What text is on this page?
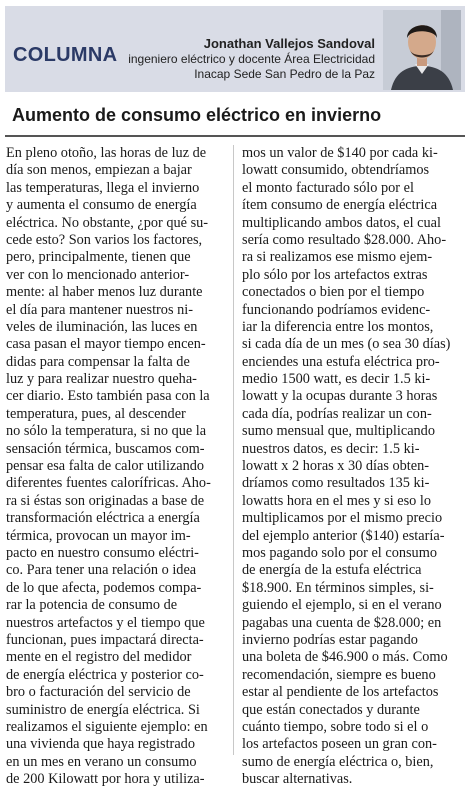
COLUMNA
Jonathan Vallejos Sandoval
ingeniero eléctrico y docente Área Electricidad
Inacap Sede San Pedro de la Paz
Aumento de consumo eléctrico en invierno
En pleno otoño, las horas de luz de
día son menos, empiezan a bajar
las temperaturas, llega el invierno
y aumenta el consumo de energía
eléctrica. No obstante, ¿por qué su-
cede esto? Son varios los factores,
pero, principalmente, tienen que
ver con lo mencionado anterior-
mente: al haber menos luz durante
el día para mantener nuestros ni-
veles de iluminación, las luces en
casa pasan el mayor tiempo encen-
didas para compensar la falta de
luz y para realizar nuestro queha-
cer diario. Esto también pasa con la
temperatura, pues, al descender
no sólo la temperatura, si no que la
sensación térmica, buscamos com-
pensar esa falta de calor utilizando
diferentes fuentes calorífricas. Aho-
ra si éstas son originadas a base de
transformación eléctrica a energía
térmica, provocan un mayor im-
pacto en nuestro consumo eléctri-
co. Para tener una relación o idea
de lo que afecta, podemos compa-
rar la potencia de consumo de
nuestros artefactos y el tiempo que
funcionan, pues impactará directa-
mente en el registro del medidor
de energía eléctrica y posterior co-
bro o facturación del servicio de
suministro de energía eléctrica. Si
realizamos el siguiente ejemplo: en
una vivienda que haya registrado
en un mes en verano un consumo
de 200 Kilowatt por hora y utiliza-
mos un valor de $140 por cada ki-
lowatt consumido, obtendríamos
el monto facturado sólo por el
ítem consumo de energía eléctrica
multiplicando ambos datos, el cual
sería como resultado $28.000. Aho-
ra si realizamos ese mismo ejem-
plo sólo por los artefactos extras
conectados o bien por el tiempo
funcionando podríamos evidenc-
iar la diferencia entre los montos,
si cada día de un mes (o sea 30 días)
enciendes una estufa eléctrica pro-
medio 1500 watt, es decir 1.5 ki-
lowatt y la ocupas durante 3 horas
cada día, podrías realizar un con-
sumo mensual que, multiplicando
nuestros datos, es decir: 1.5 ki-
lowatt x 2 horas x 30 días obten-
dríamos como resultados 135 ki-
lowatts hora en el mes y si eso lo
multiplicamos por el mismo precio
del ejemplo anterior ($140) estaría-
mos pagando solo por el consumo
de energía de la estufa eléctrica
$18.900. En términos simples, si-
guiendo el ejemplo, si en el verano
pagabas una cuenta de $28.000; en
invierno podrías estar pagando
una boleta de $46.900 o más. Como
recomendación, siempre es bueno
estar al pendiente de los artefactos
que están conectados y durante
cuánto tiempo, sobre todo si el o
los artefactos poseen un gran con-
sumo de energía eléctrica o, bien,
buscar alternativas.
